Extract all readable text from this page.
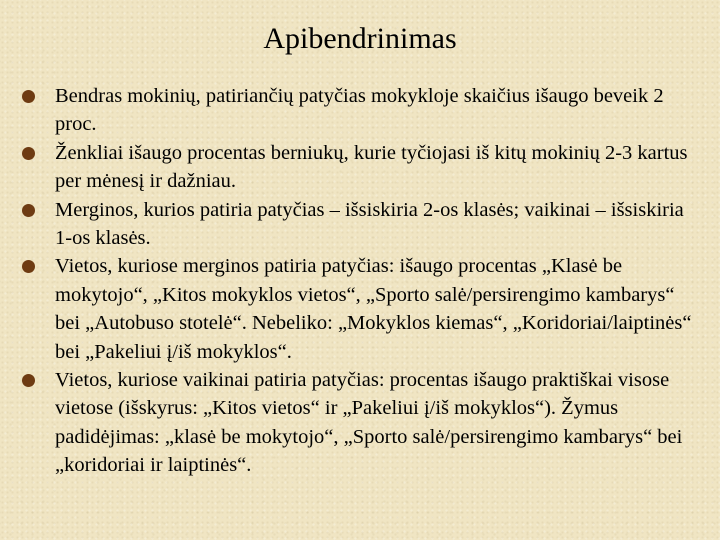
Apibendrinimas
Bendras mokinių, patiriančių patyčias mokykloje skaičius išaugo beveik 2 proc.
Ženkliai išaugo procentas berniukų, kurie tyčiojasi iš kitų mokinių 2-3 kartus per mėnesį ir dažniau.
Merginos, kurios patiria patyčias – išsiskiria 2-os klasės; vaikinai – išsiskiria 1-os klasės.
Vietos, kuriose merginos patiria patyčias: išaugo procentas „Klasė be mokytojo“, „Kitos mokyklos vietos“, „Sporto salė/persirengimo kambarys“ bei „Autobuso stotelė“. Nebeliko: „Mokyklos kiemas“, „Koridoriai/laiptinės“ bei „Pakeliui į/iš mokyklos“.
Vietos, kuriose vaikinai patiria patyčias: procentas išaugo praktiškai visose vietose (išskyrus: „Kitos vietos“ ir „Pakeliui į/iš mokyklos“). Žymus padidėjimas: „klasė be mokytojo“, „Sporto salė/persirengimo kambarys“ bei „koridoriai ir laiptinės“.
